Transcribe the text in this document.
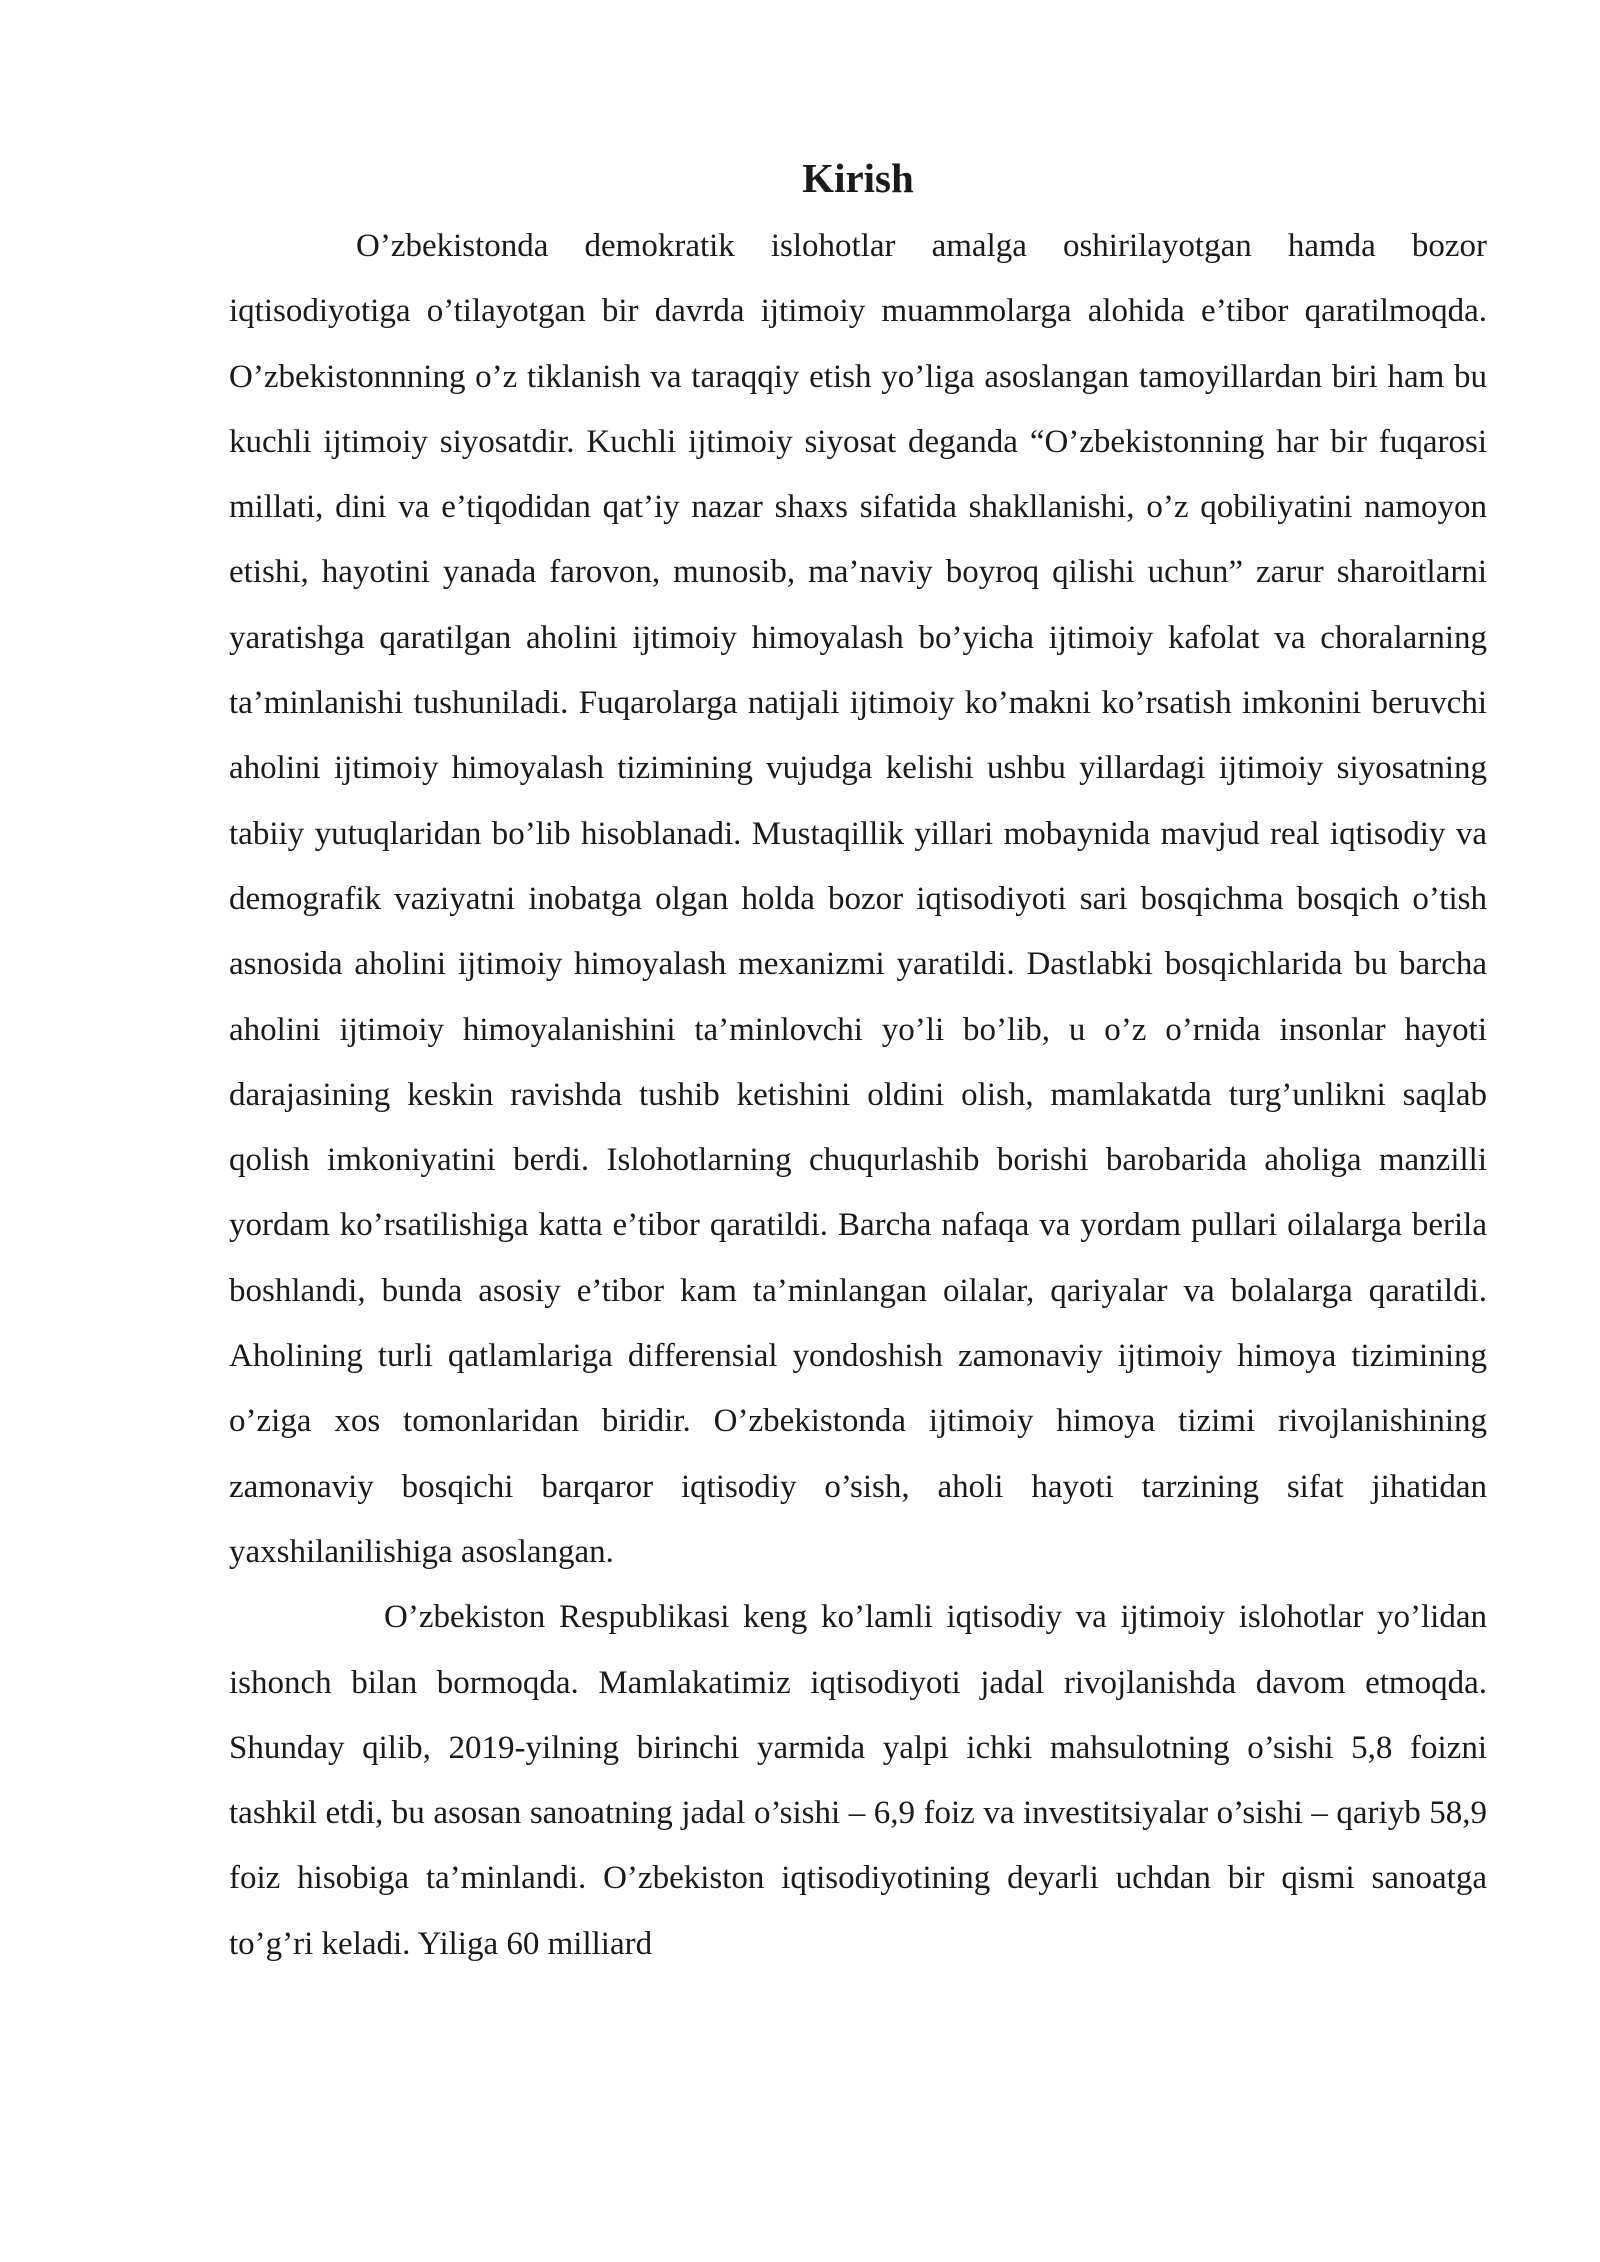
Kirish

O’zbekistonda demokratik islohotlar amalga oshirilayotgan hamda bozor iqtisodiyotiga o’tilayotgan bir davrda ijtimoiy muammolarga alohida e’tibor qaratilmoqda. O’zbekistonnning o’z tiklanish va taraqqiy etish yo’liga asoslangan tamoyillardan biri ham bu kuchli ijtimoiy siyosatdir. Kuchli ijtimoiy siyosat deganda “O’zbekistonning har bir fuqarosi millati, dini va e’tiqodidan qat’iy nazar shaxs sifatida shakllanishi, o’z qobiliyatini namoyon etishi, hayotini yanada farovon, munosib, ma’naviy boyroq qilishi uchun” zarur sharoitlarni yaratishga qaratilgan aholini ijtimoiy himoyalash bo’yicha ijtimoiy kafolat va choralarning ta’minlanishi tushuniladi. Fuqarolarga natijali ijtimoiy ko’makni ko’rsatish imkonini beruvchi aholini ijtimoiy himoyalash tizimining vujudga kelishi ushbu yillardagi ijtimoiy siyosatning tabiiy yutuqlaridan bo’lib hisoblanadi. Mustaqillik yillari mobaynida mavjud real iqtisodiy va demografik vaziyatni inobatga olgan holda bozor iqtisodiyoti sari bosqichma bosqich o’tish asnosida aholini ijtimoiy himoyalash mexanizmi yaratildi. Dastlabki bosqichlarida bu barcha aholini ijtimoiy himoyalanishini ta’minlovchi yo’li bo’lib, u o’z o’rnida insonlar hayoti darajasining keskin ravishda tushib ketishini oldini olish, mamlakatda turg’unlikni saqlab qolish imkoniyatini berdi. Islohotlarning chuqurlashib borishi barobarida aholiga manzilli yordam ko’rsatilishiga katta e’tibor qaratildi. Barcha nafaqa va yordam pullari oilalarga berila boshlandi, bunda asosiy e’tibor kam ta’minlangan oilalar, qariyalar va bolalarga qaratildi. Aholining turli qatlamlariga differensial yondoshish zamonaviy ijtimoiy himoya tizimining o’ziga xos tomonlaridan biridir. O’zbekistonda ijtimoiy himoya tizimi rivojlanishining zamonaviy bosqichi barqaror iqtisodiy o’sish, aholi hayoti tarzining sifat jihatidan yaxshilanilishiga asoslangan.

O’zbekiston Respublikasi keng ko’lamli iqtisodiy va ijtimoiy islohotlar yo’lidan ishonch bilan bormoqda. Mamlakatimiz iqtisodiyoti jadal rivojlanishda davom etmoqda. Shunday qilib, 2019-yilning birinchi yarmida yalpi ichki mahsulotning o’sishi 5,8 foizni tashkil etdi, bu asosan sanoatning jadal o’sishi – 6,9 foiz va investitsiyalar o’sishi – qariyb 58,9 foiz hisobiga ta’minlandi. O’zbekiston iqtisodiyotining deyarli uchdan bir qismi sanoatga to’g’ri keladi. Yiliga 60 milliard
